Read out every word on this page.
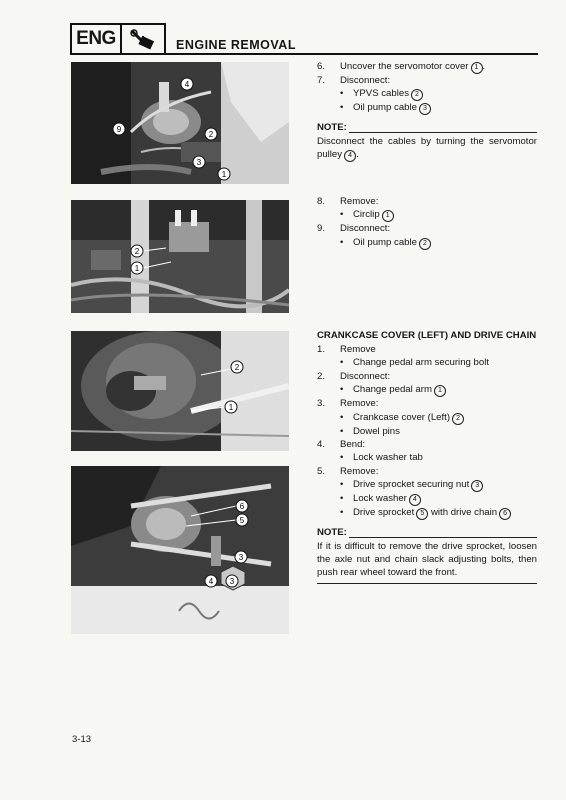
ENG	ENGINE REMOVAL
4
2
9
3
1
2
1
2
1
6
5
3
4 3
6.	Uncover the servomotor cover 1 .
7.	Disconnect:
• YPVS cables 2
• Oil pump cable 3
NOTE:
Disconnect the cables by turning the servomotor pulley 4 .
8.	Remove:
• Circlip 1
9.	Disconnect:
• Oil pump cable 2
CRANKCASE COVER (LEFT) AND DRIVE CHAIN
1.	Remove
• Change pedal arm securing bolt
2.	Disconnect:
• Change pedal arm 1
3.	Remove:
• Crankcase cover (Left) 2
• Dowel pins
4.	Bend:
• Lock washer tab
5.	Remove:
• Drive sprocket securing nut 3
• Lock washer 4
• Drive sprocket 5 with drive chain 6
NOTE:
If it is difficult to remove the drive sprocket, loosen the axle nut and chain slack adjusting bolts, then push rear wheel toward the front.
3-13
